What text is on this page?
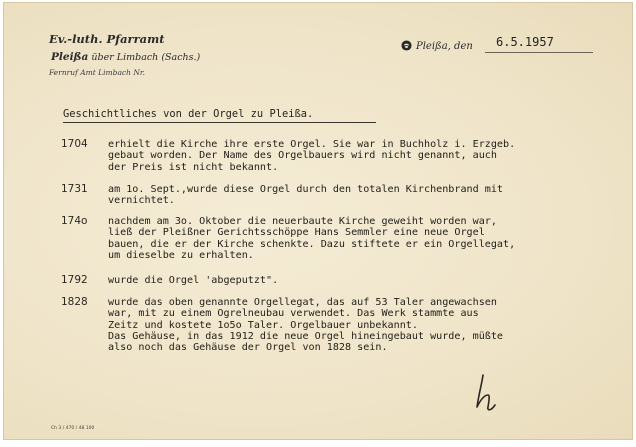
Ev.-luth. Pfarramt
Pleißa über Limbach (Sachs.)
Fernruf Amt Limbach Nr.
Pleißa, den 6.5.1957
Geschichtliches von der Orgel zu Pleißa.
1704 erhielt die Kirche ihre erste Orgel. Sie war in Buchholz i. Erzgeb.
gebaut worden. Der Name des Orgelbauers wird nicht genannt, auch
der Preis ist nicht bekannt.
1731 am 1o. Sept.,wurde diese Orgel durch den totalen Kirchenbrand mit
vernichtet.
174o nachdem am 3o. Oktober die neuerbaute Kirche geweiht worden war,
ließ der Pleißner Gerichtsschöppe Hans Semmler eine neue Orgel
bauen, die er der Kirche schenkte. Dazu stiftete er ein Orgellegat,
um dieselbe zu erhalten.
1792 wurde die Orgel 'abgeputzt".
1828 wurde das oben genannte Orgellegat, das auf 53 Taler angewachsen
war, mit zu einem Ogrelneubau verwendet. Das Werk stammte aus
Zeitz und kostete 1o5o Taler. Orgelbauer unbekannt.
Das Gehäuse, in das 1912 die neue Orgel hineingebaut wurde, müßte
also noch das Gehäuse der Orgel von 1828 sein.
Ch 3 / 470 / 48 100
